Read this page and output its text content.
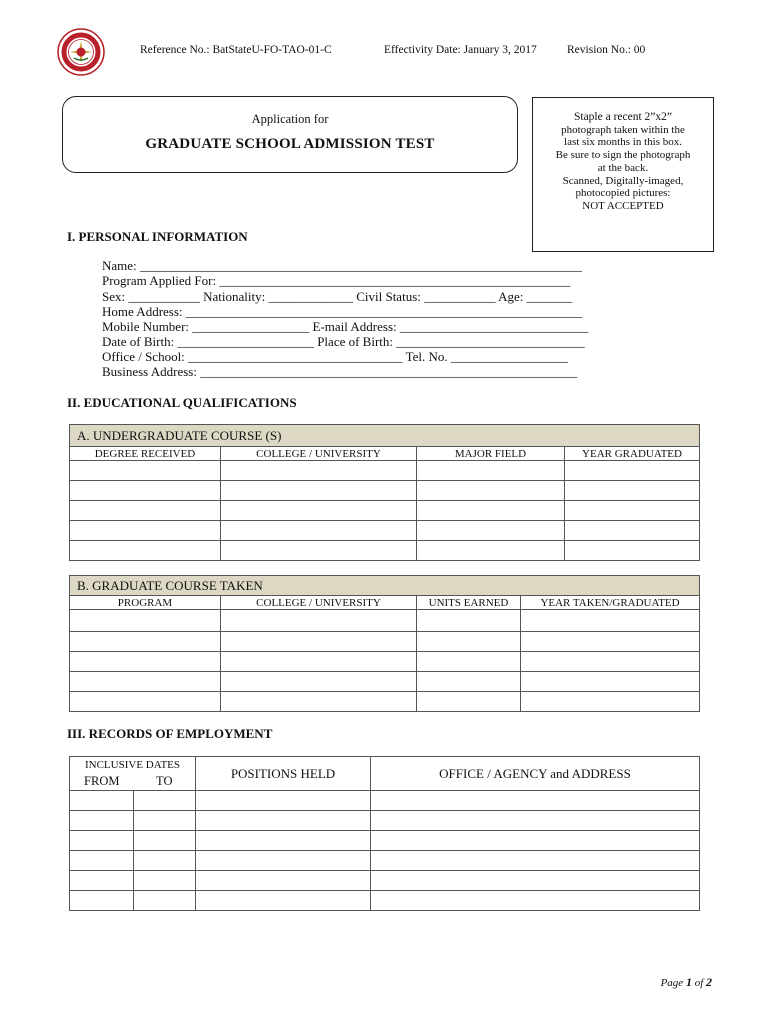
Reference No.: BatStateU-FO-TAO-01-C	Effectivity Date: January 3, 2017	Revision No.: 00
Application for
GRADUATE SCHOOL ADMISSION TEST
Staple a recent 2”x2”
photograph taken within the
last six months in this box.
Be sure to sign the photograph
at the back.
Scanned, Digitally-imaged,
photocopied pictures:
NOT ACCEPTED
I. PERSONAL INFORMATION
Name: ____________________________________________________________________
Program Applied For: ______________________________________________________
Sex: ___________ Nationality: _____________ Civil Status: ___________ Age: _______
Home Address: _____________________________________________________________
Mobile Number: __________________ E-mail Address: _____________________________
Date of Birth: _____________________ Place of Birth: _____________________________
Office / School: _________________________________ Tel. No. __________________
Business Address: __________________________________________________________
II. EDUCATIONAL QUALIFICATIONS
A. UNDERGRADUATE COURSE (S)			
DEGREE RECEIVED	COLLEGE / UNIVERSITY	MAJOR FIELD	YEAR GRADUATED

B. GRADUATE COURSE TAKEN			
PROGRAM	COLLEGE / UNIVERSITY	UNITS EARNED	YEAR TAKEN/GRADUATED

III. RECORDS OF EMPLOYMENT
INCLUSIVE DATES		POSITIONS HELD	OFFICE / AGENCY and ADDRESS
FROM	TO		

Page 1 of 2
